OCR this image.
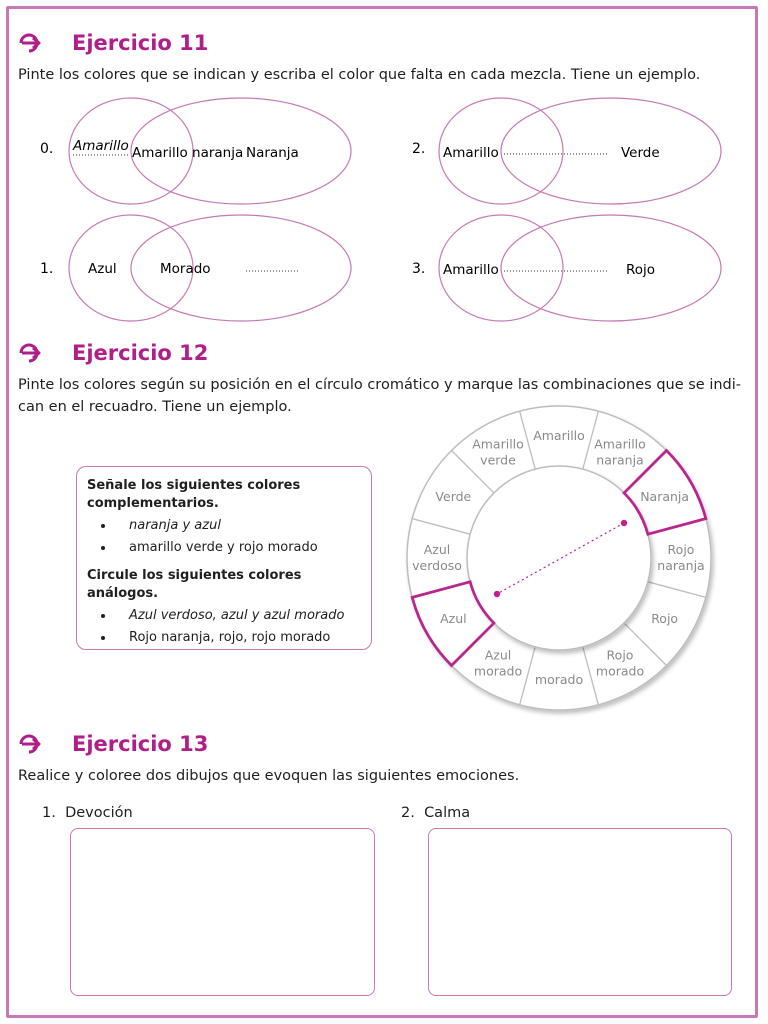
Ejercicio 11
Pinte los colores que se indican y escriba el color que falta en cada mezcla. Tiene un ejemplo.
0. Amarillo Amarillo naranja Naranja
1.	Azul	Morado
2. Amarillo	Verde
3. Amarillo	Rojo
Ejercicio 12
Pinte los colores según su posición en el círculo cromático y marque las combinaciones que se indi-
can en el recuadro. Tiene un ejemplo.
Señale los siguientes colores
complementarios.
• naranja y azul
• amarillo verde y rojo morado
Circule los siguientes colores análogos.
• Azul verdoso, azul y azul morado
• Rojo naranja, rojo, rojo morado
Amarillo
Amarillo naranja
Naranja
Rojo naranja
Rojo
Rojo morado
morado
Azul morado
Azul
Azul verdoso
Verde
Amarillo verde
Ejercicio 13
Realice y coloree dos dibujos que evoquen las siguientes emociones.
1. Devoción	2. Calma
